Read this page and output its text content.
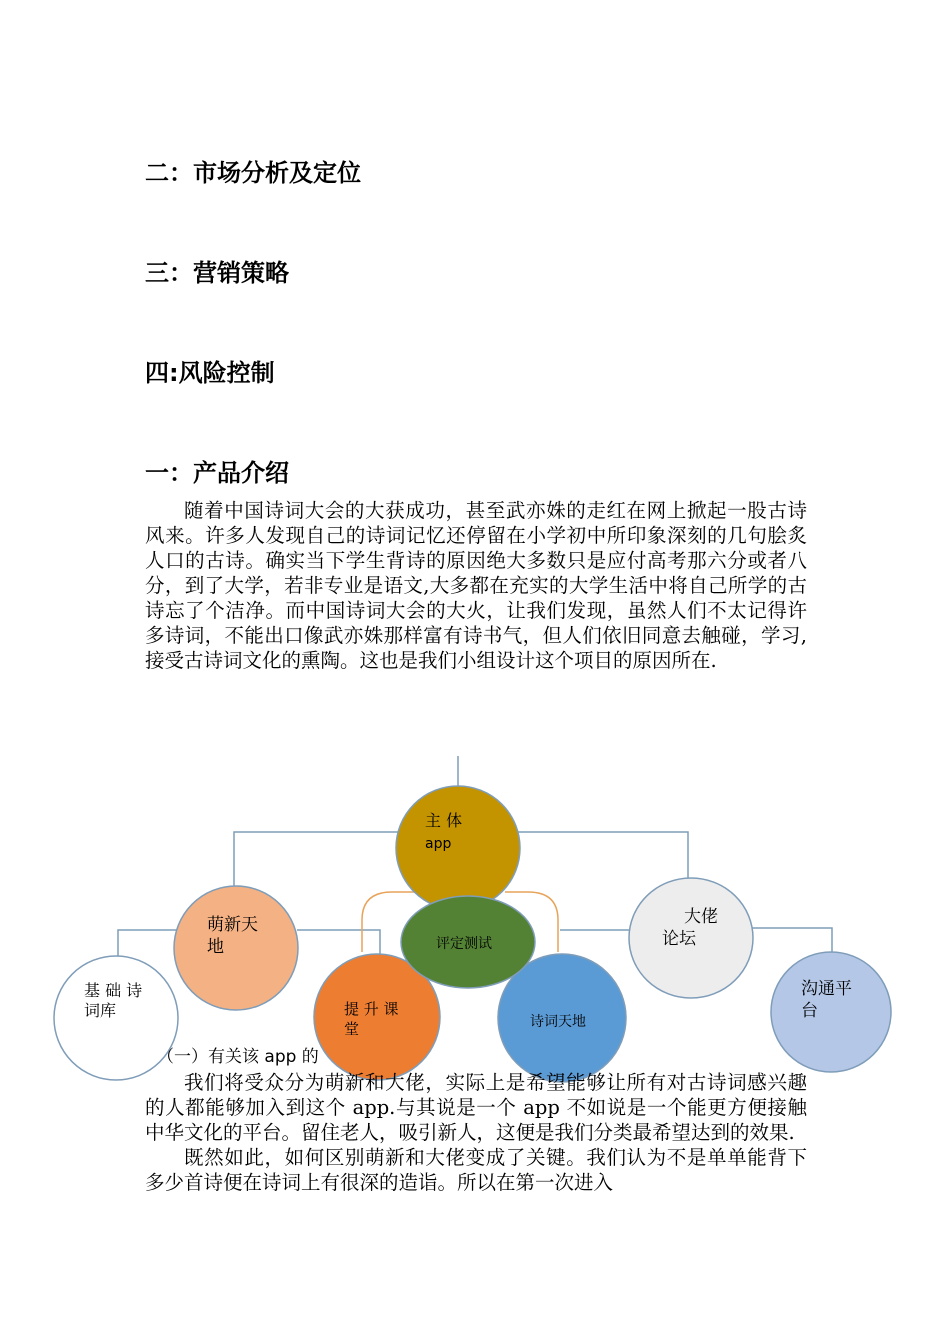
二：市场分析及定位
三：营销策略
四:风险控制
一：产品介绍

随着中国诗词大会的大获成功，甚至武亦姝的走红在网上掀起一股古诗风来。许多人发现自己的诗词记忆还停留在小学初中所印象深刻的几句脍炙人口的古诗。确实当下学生背诗的原因绝大多数只是应付高考那六分或者八分，到了大学，若非专业是语文,大多都在充实的大学生活中将自己所学的古诗忘了个洁净。而中国诗词大会的大火，让我们发现，虽然人们不太记得许多诗词，不能出口像武亦姝那样富有诗书气，但人们依旧同意去触碰，学习,接受古诗词文化的熏陶。这也是我们小组设计这个项目的原因所在.

主 体
app
萌新天
地
大佬
论坛
基 础 诗
词库
沟通平
台
提 升 课
堂	诗词天地
评定测试
（一）有关该 app 的

我们将受众分为萌新和大佬，实际上是希望能够让所有对古诗词感兴趣的人都能够加入到这个 app.与其说是一个 app 不如说是一个能更方便接触中华文化的平台。留住老人，吸引新人，这便是我们分类最希望达到的效果.

既然如此，如何区别萌新和大佬变成了关键。我们认为不是单单能背下多少首诗便在诗词上有很深的造诣。所以在第一次进入
